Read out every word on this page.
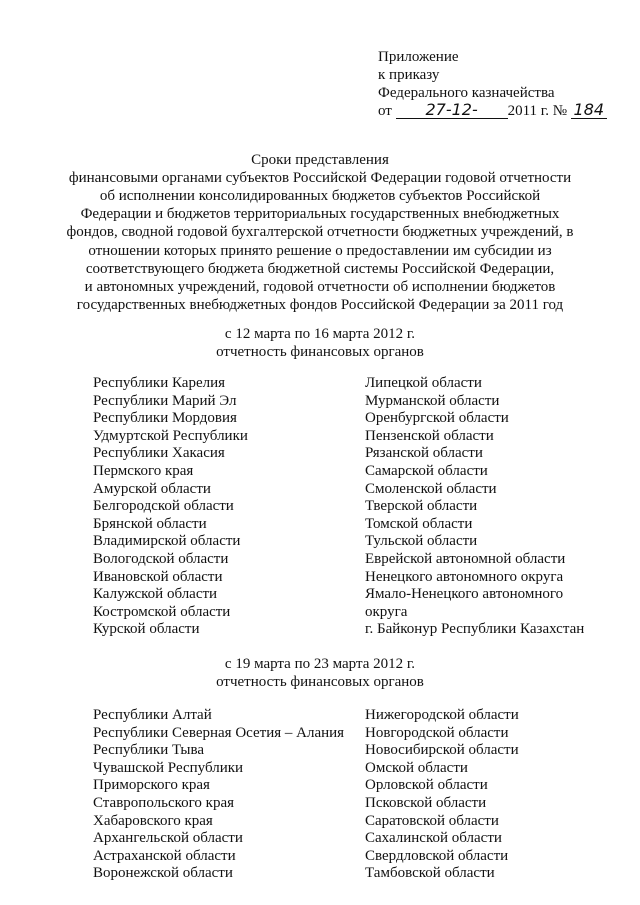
Приложение
к приказу
Федерального казначейства
от 27-12- 2011 г. № 184
Сроки представления
финансовыми органами субъектов Российской Федерации годовой отчетности
об исполнении консолидированных бюджетов субъектов Российской
Федерации и бюджетов территориальных государственных внебюджетных
фондов, сводной годовой бухгалтерской отчетности бюджетных учреждений, в
отношении которых принято решение о предоставлении им субсидии из
соответствующего бюджета бюджетной системы Российской Федерации,
и автономных учреждений, годовой отчетности об исполнении бюджетов
государственных внебюджетных фондов Российской Федерации за 2011 год
с 12 марта по 16 марта 2012 г.
отчетность финансовых органов
Республики Карелия
Республики Марий Эл
Республики Мордовия
Удмуртской Республики
Республики Хакасия
Пермского края
Амурской области
Белгородской области
Брянской области
Владимирской области
Вологодской области
Ивановской области
Калужской области
Костромской области
Курской области
Липецкой области
Мурманской области
Оренбургской области
Пензенской области
Рязанской области
Самарской области
Смоленской области
Тверской области
Томской области
Тульской области
Еврейской автономной области
Ненецкого автономного округа
Ямало-Ненецкого автономного
округа
г. Байконур Республики Казахстан
с 19 марта по 23 марта 2012 г.
отчетность финансовых органов
Республики Алтай
Республики Северная Осетия – Алания
Республики Тыва
Чувашской Республики
Приморского края
Ставропольского края
Хабаровского края
Архангельской области
Астраханской области
Воронежской области
Нижегородской области
Новгородской области
Новосибирской области
Омской области
Орловской области
Псковской области
Саратовской области
Сахалинской области
Свердловской области
Тамбовской области
